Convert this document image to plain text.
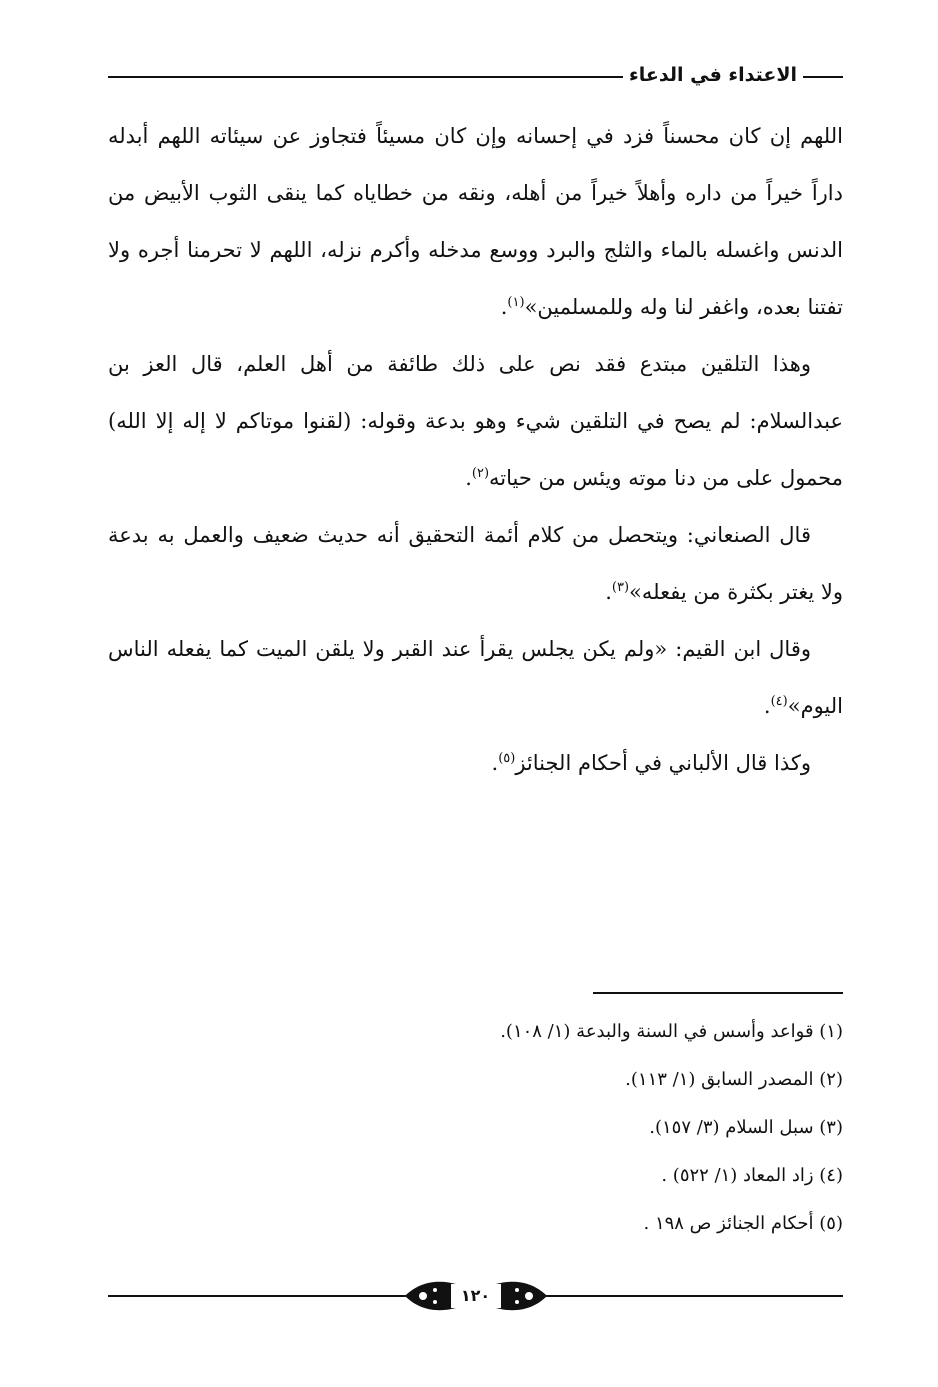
الاعتداء في الدعاء

اللهم إن كان محسناً فزد في إحسانه وإن كان مسيئاً فتجاوز عن سيئاته اللهم أبدله داراً خيراً من داره وأهلاً خيراً من أهله، ونقه من خطاياه كما ينقى الثوب الأبيض من الدنس واغسله بالماء والثلج والبرد ووسع مدخله وأكرم نزله، اللهم لا تحرمنا أجره ولا تفتنا بعده، واغفر لنا وله وللمسلمين»$^{(١)}$.

وهذا التلقين مبتدع فقد نص على ذلك طائفة من أهل العلم، قال العز بن عبدالسلام: لم يصح في التلقين شيء وهو بدعة وقوله: (لقنوا موتاكم لا إله إلا الله) محمول على من دنا موته ويئس من حياته$^{(٢)}$.

قال الصنعاني: ويتحصل من كلام أئمة التحقيق أنه حديث ضعيف والعمل به بدعة ولا يغتر بكثرة من يفعله»$^{(٣)}$.

وقال ابن القيم: «ولم يكن يجلس يقرأ عند القبر ولا يلقن الميت كما يفعله الناس اليوم»$^{(٤)}$.

وكذا قال الألباني في أحكام الجنائز$^{(٥)}$.

(١) قواعد وأسس في السنة والبدعة (١/ ١٠٨).
(٢) المصدر السابق (١/ ١١٣).
(٣) سبل السلام (٣/ ١٥٧).
(٤) زاد المعاد (١/ ٥٢٢) .
(٥) أحكام الجنائز ص ١٩٨ .
١٢٠
